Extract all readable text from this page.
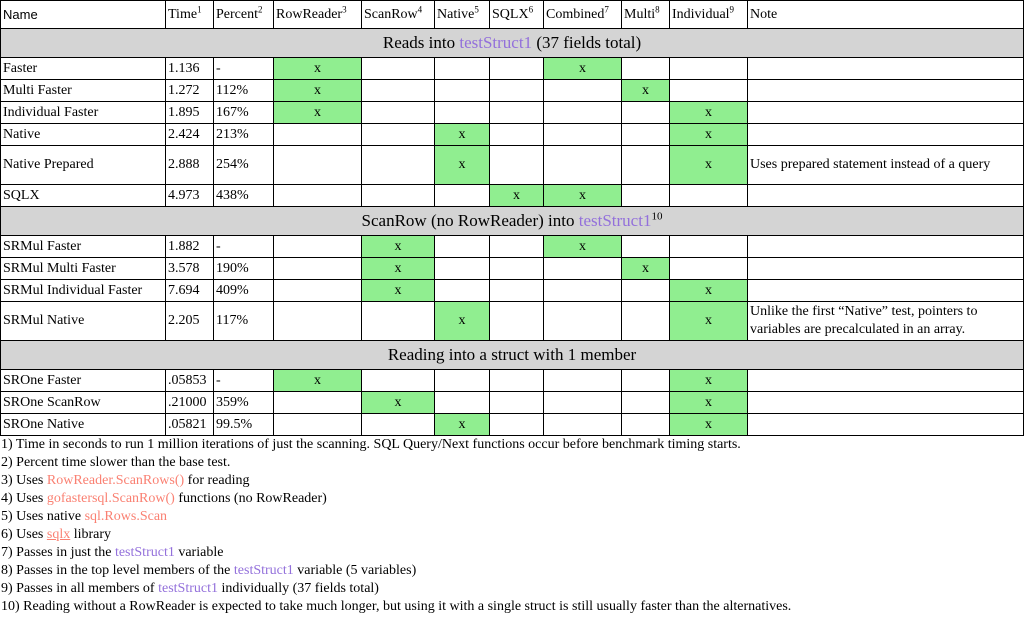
Name	Time$^1$	Percent$^2$	RowReader$^3$	ScanRow$^4$	Native$^5$	SQLX$^6$	Combined$^7$	Multi$^8$	Individual$^9$	Note
Reads into testStruct1 (37 fields total)										
Faster	1.136	-	x				x			
Multi Faster	1.272	112%	x					x		
Individual Faster	1.895	167%	x						x	
Native	2.424	213%			x				x	
Native Prepared	2.888	254%			x				x	Uses prepared statement instead of a query
SQLX	4.973	438%				x	x			
ScanRow (no RowReader) into $testStruct1^{10}$
SRMul Faster	1.882	-		x			x			
SRMul Multi Faster	3.578	190%		x				x		
SRMul Individual Faster	7.694	409%		x					x	
SRMul Native	2.205	117%			x				x	Unlike the first “Native” test, pointers to variables are precalculated in an array.
Reading into a struct with 1 member										
SROne Faster	.05853	-	x						x	
SROne ScanRow	.21000	359%		x					x	
SROne Native	.05821	99.5%			x				x	
1) Time in seconds to run 1 million iterations of just the scanning. SQL Query/Next functions occur before benchmark timing starts.
2) Percent time slower than the base test.
3) Uses RowReader.ScanRows() for reading
4) Uses gofastersql.ScanRow() functions (no RowReader)
5) Uses native sql.Rows.Scan
6) Uses sqlx library
7) Passes in just the testStruct1 variable
8) Passes in the top level members of the testStruct1 variable (5 variables)
9) Passes in all members of testStruct1 individually (37 fields total)
10) Reading without a RowReader is expected to take much longer, but using it with a single struct is still usually faster than the alternatives.
